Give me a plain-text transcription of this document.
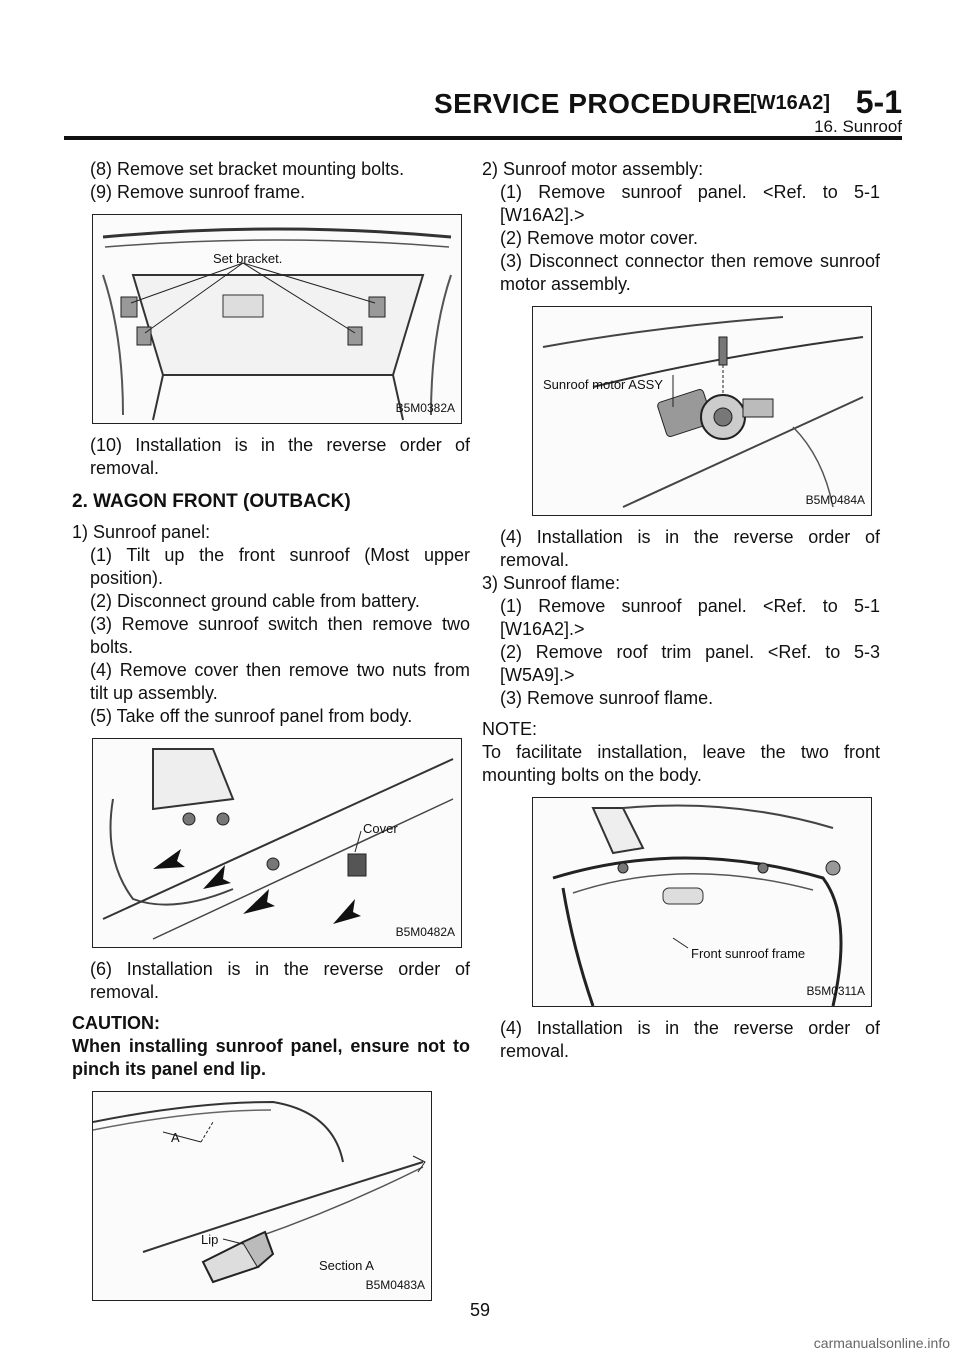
SERVICE PROCEDURE
[W16A2] 5-1
16. Sunroof

(8) Remove set bracket mounting bolts.

(9) Remove sunroof frame.

Set bracket.
B5M0382A

(10) Installation is in the reverse order of removal.

2. WAGON FRONT (OUTBACK)

1) Sunroof panel:

(1) Tilt up the front sunroof (Most upper position).

(2) Disconnect ground cable from battery.

(3) Remove sunroof switch then remove two bolts.

(4) Remove cover then remove two nuts from tilt up assembly.

(5) Take off the sunroof panel from body.

Cover
B5M0482A

(6) Installation is in the reverse order of removal.

CAUTION:

When installing sunroof panel, ensure not to pinch its panel end lip.

A
Lip
Section A
B5M0483A

2) Sunroof motor assembly:

(1) Remove sunroof panel. <Ref. to 5-1 [W16A2].>

(2) Remove motor cover.

(3) Disconnect connector then remove sunroof motor assembly.

Sunroof motor ASSY
B5M0484A

(4) Installation is in the reverse order of removal.

3) Sunroof flame:

(1) Remove sunroof panel. <Ref. to 5-1 [W16A2].>

(2) Remove roof trim panel. <Ref. to 5-3 [W5A9].>

(3) Remove sunroof flame.

NOTE:

To facilitate installation, leave the two front mounting bolts on the body.

Front sunroof frame
B5M0311A

(4) Installation is in the reverse order of removal.

59
carmanualsonline.info
